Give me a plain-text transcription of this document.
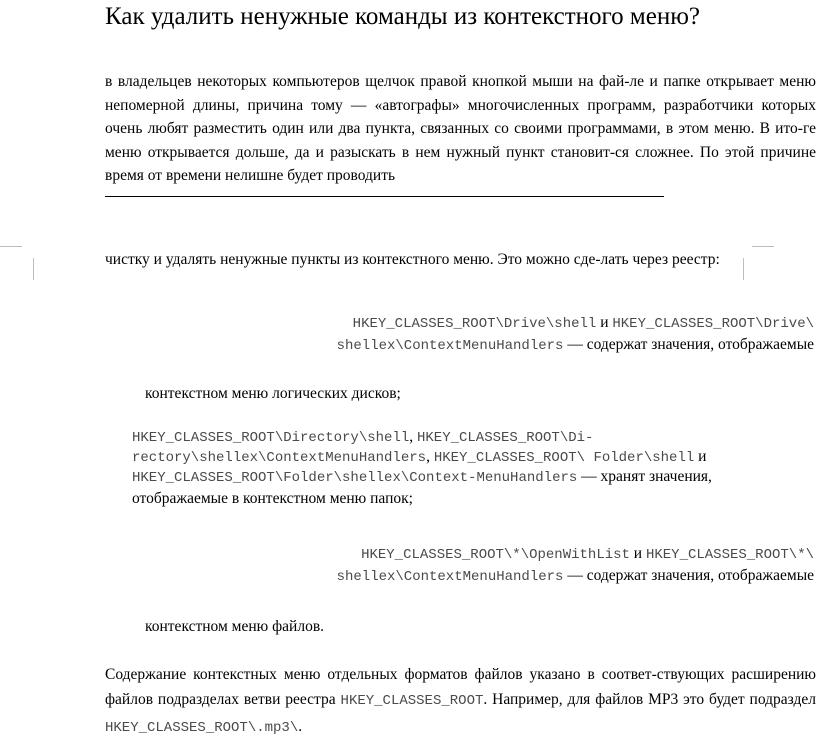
Как удалить ненужные команды из контекстного меню?
в владельцев некоторых компьютеров щелчок правой кнопкой мыши на фай-ле и папке открывает меню
непомерной длины, причина тому — «автографы» многочисленных программ, разработчики которых
очень любят разместить один или два пункта, связанных со своими программами, в этом меню. В ито-ге
меню открывается дольше, да и разыскать в нем нужный пункт становит-ся сложнее. По этой причине
время от времени нелишне будет проводить
чистку и удалять ненужные пункты из контекстного меню. Это можно сде-лать через реестр:
HKEY_CLASSES_ROOT\Drive\shell и HKEY_CLASSES_ROOT\Drive\
shellex\ContextMenuHandlers — содержат значения, отображаемые
контекстном меню логических дисков;
HKEY_CLASSES_ROOT\Directory\shell, HKEY_CLASSES_ROOT\Di-
rectory\shellex\ContextMenuHandlers, HKEY_CLASSES_ROOT\ Folder\shell и
HKEY_CLASSES_ROOT\Folder\shellex\Context-MenuHandlers — хранят значения,
отображаемые в контекстном меню папок;
HKEY_CLASSES_ROOT\*\OpenWithList и HKEY_CLASSES_ROOT\*\
shellex\ContextMenuHandlers — содержат значения, отображаемые
контекстном меню файлов.
Содержание контекстных меню отдельных форматов файлов указано в соответ-ствующих расширению
файлов подразделах ветви реестра HKEY_CLASSES_ROOT. Например, для файлов MP3 это будет подраздел
HKEY_CLASSES_ROOT\.mp3\.
